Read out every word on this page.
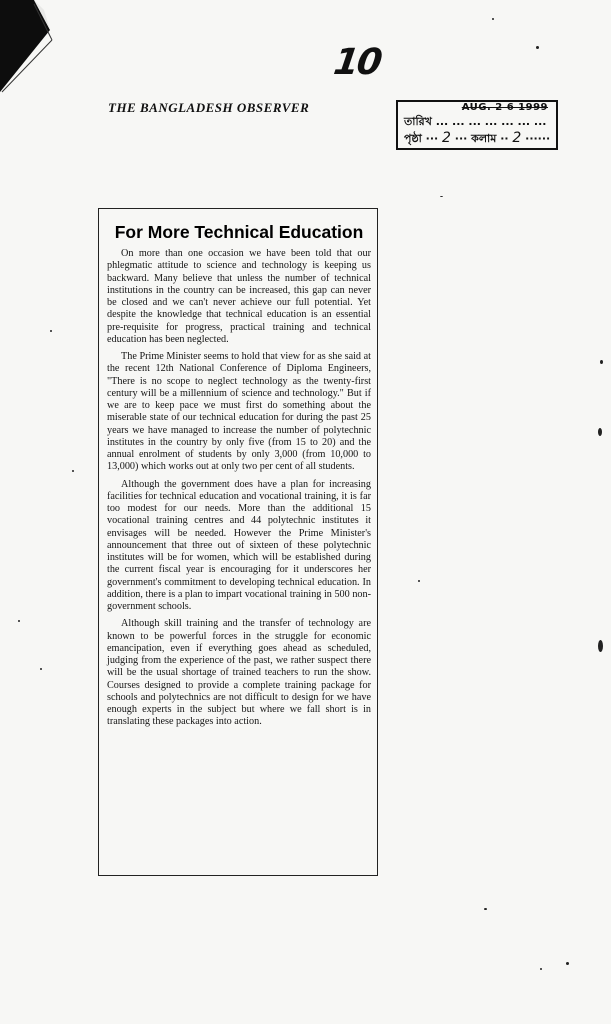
10
THE BANGLADESH OBSERVER	AUG. 2 6 1999
তারিখ ... ... ... ... ... ... ...
পৃষ্ঠা ··· 2 ··· কলাম ·· 2 ······
For More Technical Education

On more than one occasion we have been told that our phlegmatic attitude to science and technology is keeping us backward. Many believe that unless the number of technical institutions in the country can be increased, this gap can never be closed and we can't never achieve our full potential. Yet despite the knowledge that technical education is an essential pre-requisite for progress, practical training and technical education has been neglected.

The Prime Minister seems to hold that view for as she said at the recent 12th National Conference of Diploma Engineers, "There is no scope to neglect technology as the twenty-first century will be a millennium of science and technology." But if we are to keep pace we must first do something about the miserable state of our technical education for during the past 25 years we have managed to increase the number of polytechnic institutes in the country by only five (from 15 to 20) and the annual enrolment of students by only 3,000 (from 10,000 to 13,000) which works out at only two per cent of all students.

Although the government does have a plan for increasing facilities for technical education and vocational training, it is far too modest for our needs. More than the additional 15 vocational training centres and 44 polytechnic institutes it envisages will be needed. However the Prime Minister's announcement that three out of sixteen of these polytechnic institutes will be for women, which will be established during the current fiscal year is encouraging for it underscores her government's commitment to developing technical education. In addition, there is a plan to impart vocational training in 500 non-government schools.

Although skill training and the transfer of technology are known to be powerful forces in the struggle for economic emancipation, even if everything goes ahead as scheduled, judging from the experience of the past, we rather suspect there will be the usual shortage of trained teachers to run the show. Courses designed to provide a complete training package for schools and polytechnics are not difficult to design for we have enough experts in the subject but where we fall short is in translating these packages into action.
